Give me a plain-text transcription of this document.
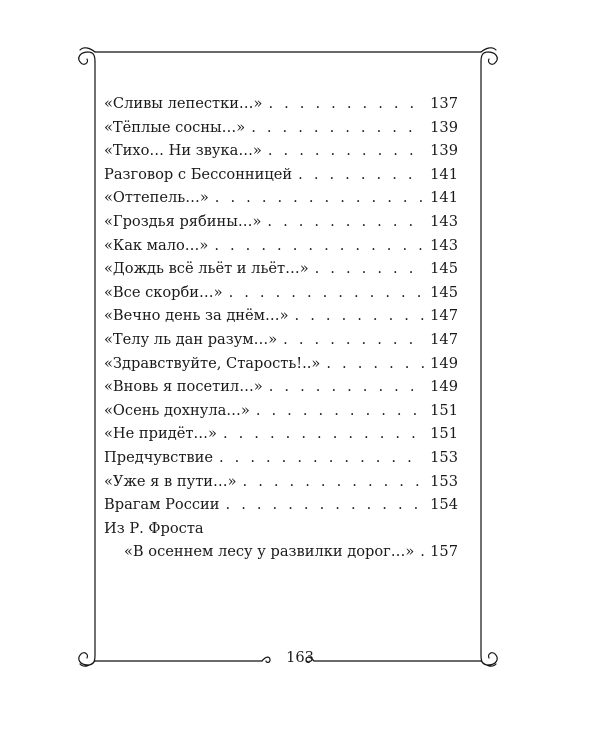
«Сливы лепестки…» . . .	137
«Тёплые сосны…» . . .	139
«Тихо… Ни звука…» . . .	139
Разговор с Бессонницей . . .	141
«Оттепель…» . . .	141
«Гроздья рябины…» . . .	143
«Как мало…» . . .	143
«Дождь всё льёт и льёт…» . . .	145
«Все скорби…» . . .	145
«Вечно день за днём…» . . .	147
«Телу ль дан разум…» . . .	147
«Здравствуйте, Старость!..» . . .	149
«Вновь я посетил…» . . .	149
«Осень дохнула…» . . .	151
«Не придёт…» . . .	151
Предчувствие . . .	153
«Уже я в пути…» . . .	153
Врагам России . . .	154
Из Р. Фроста
«В осеннем лесу у развилки дорог…» . . . 157
163
